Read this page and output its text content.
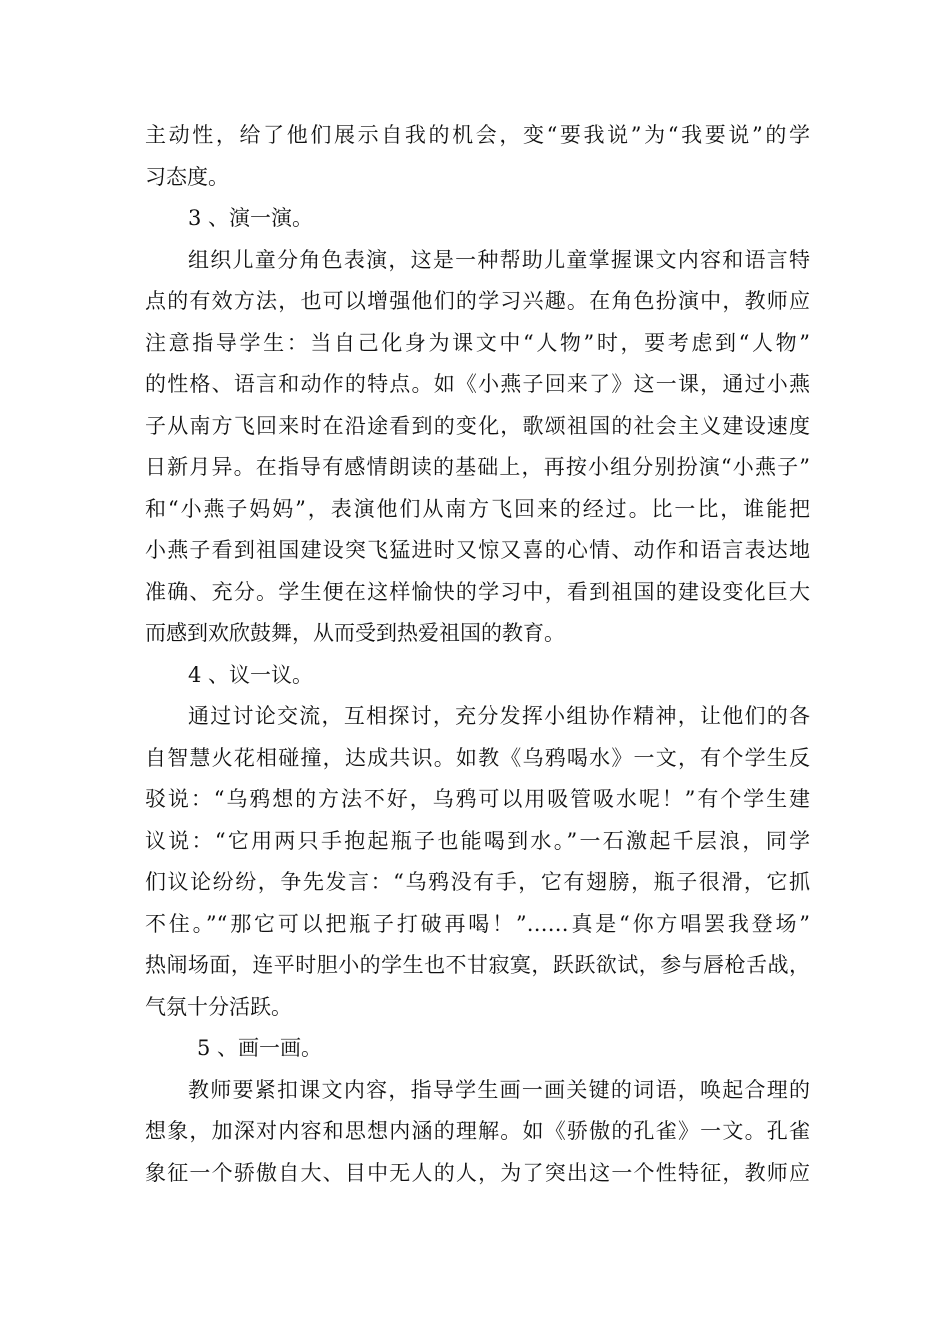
主动性，给了他们展示自我的机会，变“要我说”为“我要说”的学
习态度。
3 、演一演。
组织儿童分角色表演，这是一种帮助儿童掌握课文内容和语言特
点的有效方法，也可以增强他们的学习兴趣。在角色扮演中，教师应
注意指导学生：当自己化身为课文中“人物”时，要考虑到“人物”
的性格、语言和动作的特点。如《小燕子回来了》这一课，通过小燕
子从南方飞回来时在沿途看到的变化，歌颂祖国的社会主义建设速度
日新月异。在指导有感情朗读的基础上，再按小组分别扮演“小燕子”
和“小燕子妈妈”，表演他们从南方飞回来的经过。比一比，谁能把
小燕子看到祖国建设突飞猛进时又惊又喜的心情、动作和语言表达地
准确、充分。学生便在这样愉快的学习中，看到祖国的建设变化巨大
而感到欢欣鼓舞，从而受到热爱祖国的教育。
4 、议一议。
通过讨论交流，互相探讨，充分发挥小组协作精神，让他们的各
自智慧火花相碰撞，达成共识。如教《乌鸦喝水》一文，有个学生反
驳说：“乌鸦想的方法不好，乌鸦可以用吸管吸水呢！”有个学生建
议说：“它用两只手抱起瓶子也能喝到水。”一石激起千层浪，同学
们议论纷纷，争先发言：“乌鸦没有手，它有翅膀，瓶子很滑，它抓
不住。”“那它可以把瓶子打破再喝！”……真是“你方唱罢我登场”
热闹场面，连平时胆小的学生也不甘寂寞，跃跃欲试，参与唇枪舌战，
气氛十分活跃。
5 、画一画。
教师要紧扣课文内容，指导学生画一画关键的词语，唤起合理的
想象，加深对内容和思想内涵的理解。如《骄傲的孔雀》一文。孔雀
象征一个骄傲自大、目中无人的人，为了突出这一个性特征，教师应
